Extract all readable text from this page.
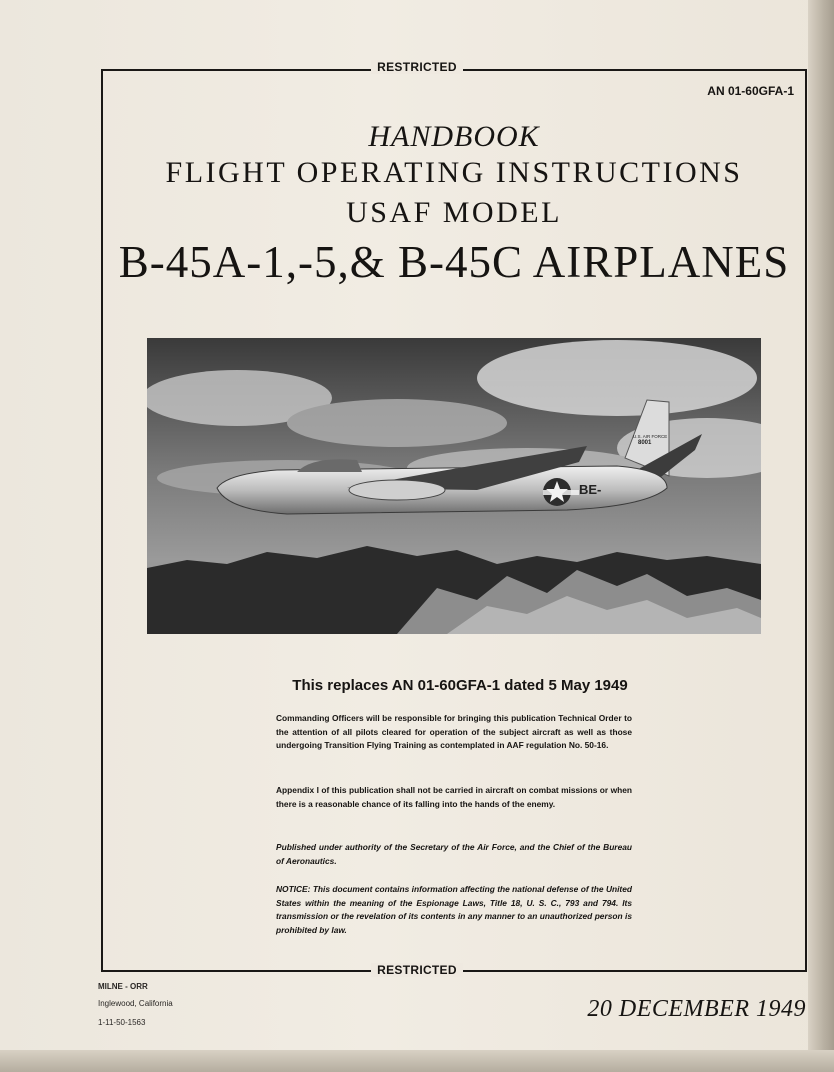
RESTRICTED
AN 01-60GFA-1
HANDBOOK
FLIGHT OPERATING INSTRUCTIONS
USAF MODEL
B-45A-1,-5,& B-45C AIRPLANES
BE-
U.S. AIR FORCE
8001
This replaces AN 01-60GFA-1 dated 5 May 1949
Commanding Officers will be responsible for bringing this publication Technical Order to the attention of all pilots cleared for operation of the subject aircraft as well as those undergoing Transition Flying Training as contemplated in AAF regulation No. 50-16.
Appendix I of this publication shall not be carried in aircraft on combat missions or when there is a reasonable chance of its falling into the hands of the enemy.
Published under authority of the Secretary of the Air Force, and the Chief of the Bureau of Aeronautics.
NOTICE: This document contains information affecting the national defense of the United States within the meaning of the Espionage Laws, Title 18, U. S. C., 793 and 794. Its transmission or the revelation of its contents in any manner to an unauthorized person is prohibited by law.
RESTRICTED
MILNE - ORR
Inglewood, California
1-11-50-1563
20 DECEMBER 1949
